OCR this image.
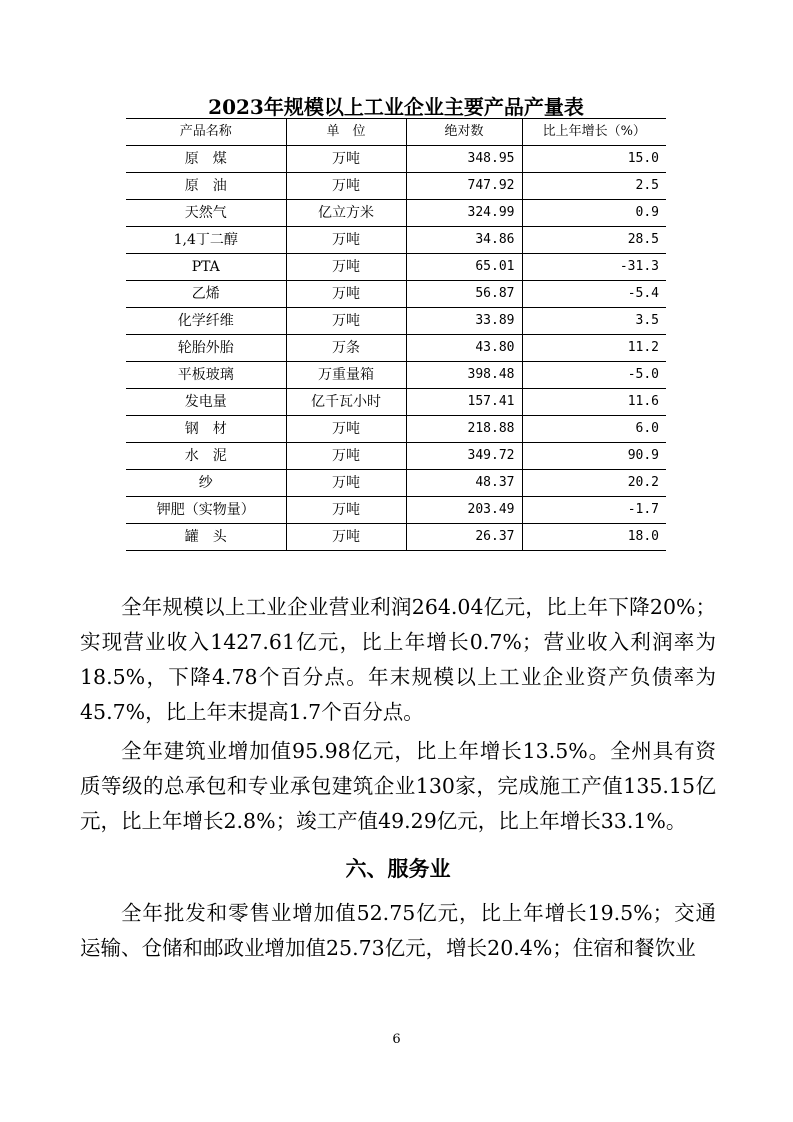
2023年规模以上工业企业主要产品产量表
产品名称	单　位	绝对数	比上年增长（%）
原　煤	万吨	348.95	15.0
原　油	万吨	747.92	2.5
天然气	亿立方米	324.99	0.9
1,4丁二醇	万吨	34.86	28.5
PTA	万吨	65.01	-31.3
乙烯	万吨	56.87	-5.4
化学纤维	万吨	33.89	3.5
轮胎外胎	万条	43.80	11.2
平板玻璃	万重量箱	398.48	-5.0
发电量	亿千瓦小时	157.41	11.6
钢　材	万吨	218.88	6.0
水　泥	万吨	349.72	90.9
纱	万吨	48.37	20.2
钾肥（实物量）	万吨	203.49	-1.7
罐　头	万吨	26.37	18.0

全年规模以上工业企业营业利润264.04亿元，比上年下降20%；实现营业收入1427.61亿元，比上年增长0.7%；营业收入利润率为18.5%，下降4.78个百分点。年末规模以上工业企业资产负债率为45.7%，比上年末提高1.7个百分点。

全年建筑业增加值95.98亿元，比上年增长13.5%。全州具有资质等级的总承包和专业承包建筑企业130家，完成施工产值135.15亿元，比上年增长2.8%；竣工产值49.29亿元，比上年增长33.1%。

六、服务业

全年批发和零售业增加值52.75亿元，比上年增长19.5%；交通运输、仓储和邮政业增加值25.73亿元，增长20.4%；住宿和餐饮业

6
